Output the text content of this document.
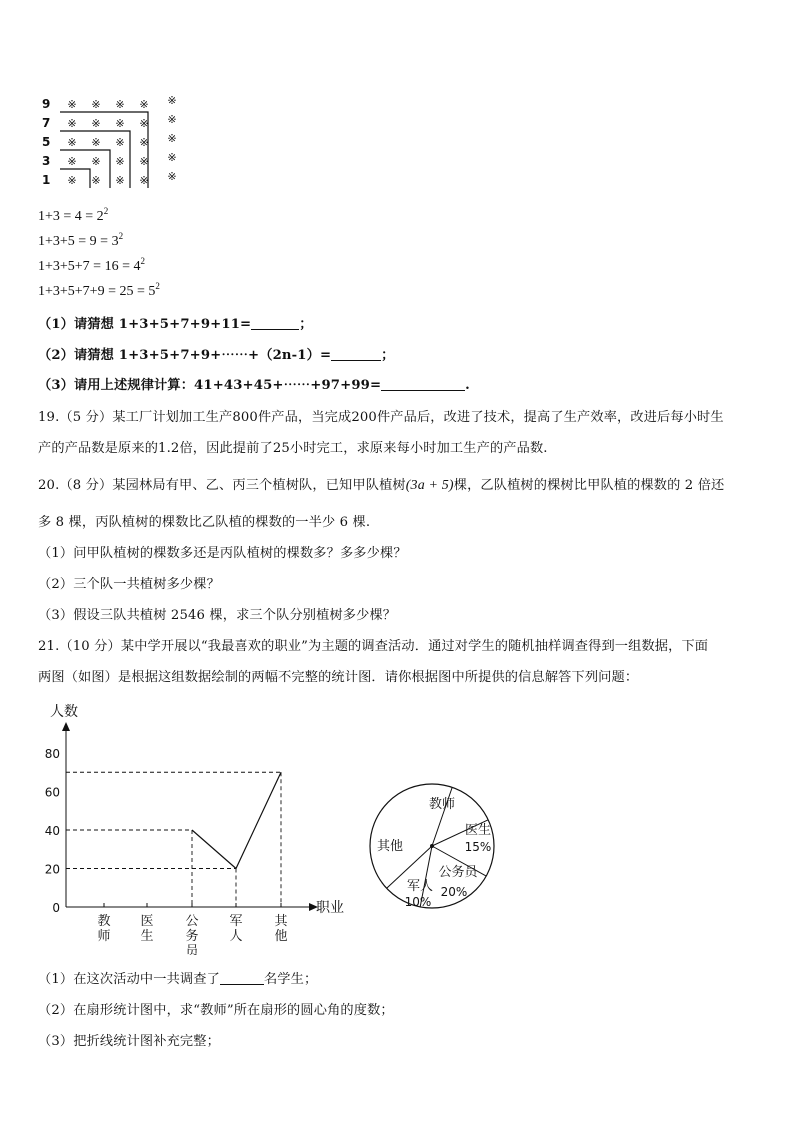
9
7
5
3
1
※ ※ ※ ※ ※
※ ※ ※ ※ ※
※ ※ ※ ※ ※
※ ※ ※ ※ ※
※ ※ ※ ※ ※
$1+3 = 4 = 2^2$
$1+3+5 = 9 = 3^2$
$1+3+5+7 = 16 = 4^2$
$1+3+5+7+9 = 25 = 5^2$
（1）请猜想 1+3+5+7+9+11=	；
（2）请猜想 1+3+5+7+9+⋯⋯+（2n-1）=	；
（3）请用上述规律计算：41+43+45+⋯⋯+97+99=	.
19.（5 分）某工厂计划加工生产800件产品，当完成200件产品后，改进了技术，提高了生产效率，改进后每小时生
产的产品数是原来的1.2倍，因此提前了25小时完工，求原来每小时加工生产的产品数.
20.（8 分）某园林局有甲、乙、丙三个植树队，已知甲队植树(3a + 5)棵，乙队植树的棵树比甲队植的棵数的 2 倍还
多 8 棵，丙队植树的棵数比乙队植的棵数的一半少 6 棵.
（1）问甲队植树的棵数多还是丙队植树的棵数多？多多少棵？
（2）三个队一共植树多少棵？
（3）假设三队共植树 2546 棵，求三个队分别植树多少棵？
21.（10 分）某中学开展以“我最喜欢的职业”为主题的调查活动．通过对学生的随机抽样调查得到一组数据，下面
两图（如图）是根据这组数据绘制的两幅不完整的统计图．请你根据图中所提供的信息解答下列问题：
人数
职业
0
20
40
60
80
教师
医生
公务员
军人
其他
教师
医生
15%
公务员
20%
军人
10%
其他
（1）在这次活动中一共调查了	名学生；
（2）在扇形统计图中，求“教师”所在扇形的圆心角的度数；
（3）把折线统计图补充完整；
